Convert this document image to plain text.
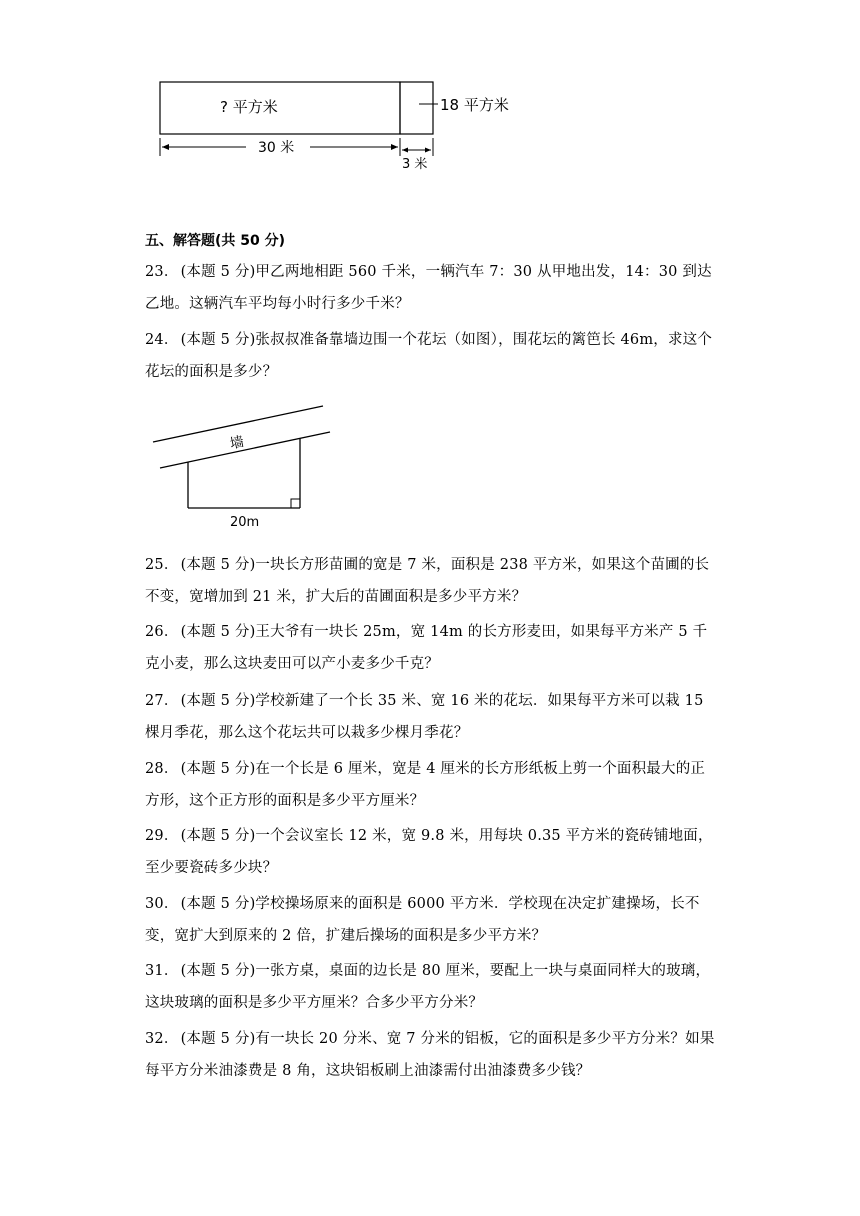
? 平方米	18 平方米
30 米
3 米
五、解答题(共 50 分)
23． (本题 5 分)甲乙两地相距 560 千米，一辆汽车 7：30 从甲地出发，14：30 到达乙地。这辆汽车平均每小时行多少千米？
24． (本题 5 分)张叔叔准备靠墙边围一个花坛（如图），围花坛的篱笆长 46m，求这个花坛的面积是多少？
墙
20m
25． (本题 5 分)一块长方形苗圃的宽是 7 米，面积是 238 平方米，如果这个苗圃的长不变，宽增加到 21 米，扩大后的苗圃面积是多少平方米？
26． (本题 5 分)王大爷有一块长 25m，宽 14m 的长方形麦田，如果每平方米产 5 千克小麦，那么这块麦田可以产小麦多少千克？
27． (本题 5 分)学校新建了一个长 35 米、宽 16 米的花坛．如果每平方米可以栽 15 棵月季花，那么这个花坛共可以栽多少棵月季花？
28． (本题 5 分)在一个长是 6 厘米，宽是 4 厘米的长方形纸板上剪一个面积最大的正方形，这个正方形的面积是多少平方厘米？
29． (本题 5 分)一个会议室长 12 米，宽 9.8 米，用每块 0.35 平方米的瓷砖铺地面，至少要瓷砖多少块？
30． (本题 5 分)学校操场原来的面积是 6000 平方米．学校现在决定扩建操场，长不变，宽扩大到原来的 2 倍，扩建后操场的面积是多少平方米？
31． (本题 5 分)一张方桌，桌面的边长是 80 厘米，要配上一块与桌面同样大的玻璃，这块玻璃的面积是多少平方厘米？合多少平方分米？
32． (本题 5 分)有一块长 20 分米、宽 7 分米的铝板，它的面积是多少平方分米？如果每平方分米油漆费是 8 角，这块铝板刷上油漆需付出油漆费多少钱？
